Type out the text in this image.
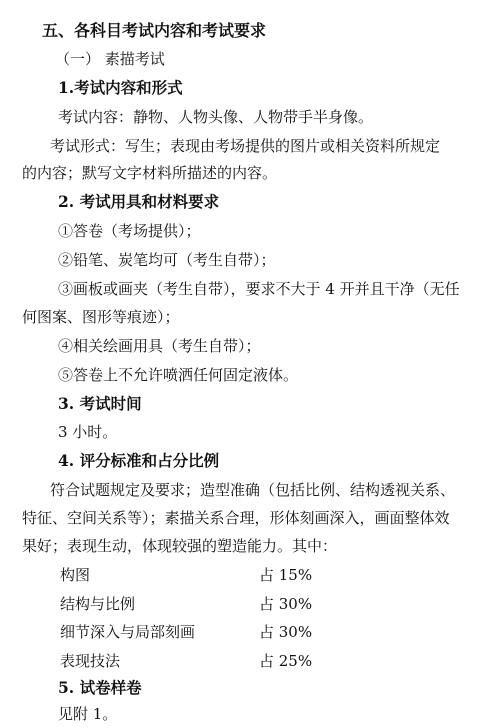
五、各科目考试内容和考试要求
（一） 素描考试
1.考试内容和形式
考试内容：静物、人物头像、人物带手半身像。
考试形式：写生；表现由考场提供的图片或相关资料所规定
的内容；默写文字材料所描述的内容。
2. 考试用具和材料要求
①答卷（考场提供）；
②铅笔、炭笔均可（考生自带）；
③画板或画夹（考生自带），要求不大于 4 开并且干净（无任
何图案、图形等痕迹）；
④相关绘画用具（考生自带）；
⑤答卷上不允许喷洒任何固定液体。
3. 考试时间
3 小时。
4. 评分标准和占分比例
符合试题规定及要求；造型准确（包括比例、结构透视关系、
特征、空间关系等）；素描关系合理，形体刻画深入，画面整体效
果好；表现生动，体现较强的塑造能力。其中：
构图	占 15%
结构与比例	占 30%
细节深入与局部刻画	占 30%
表现技法	占 25%
5. 试卷样卷
见附 1。
